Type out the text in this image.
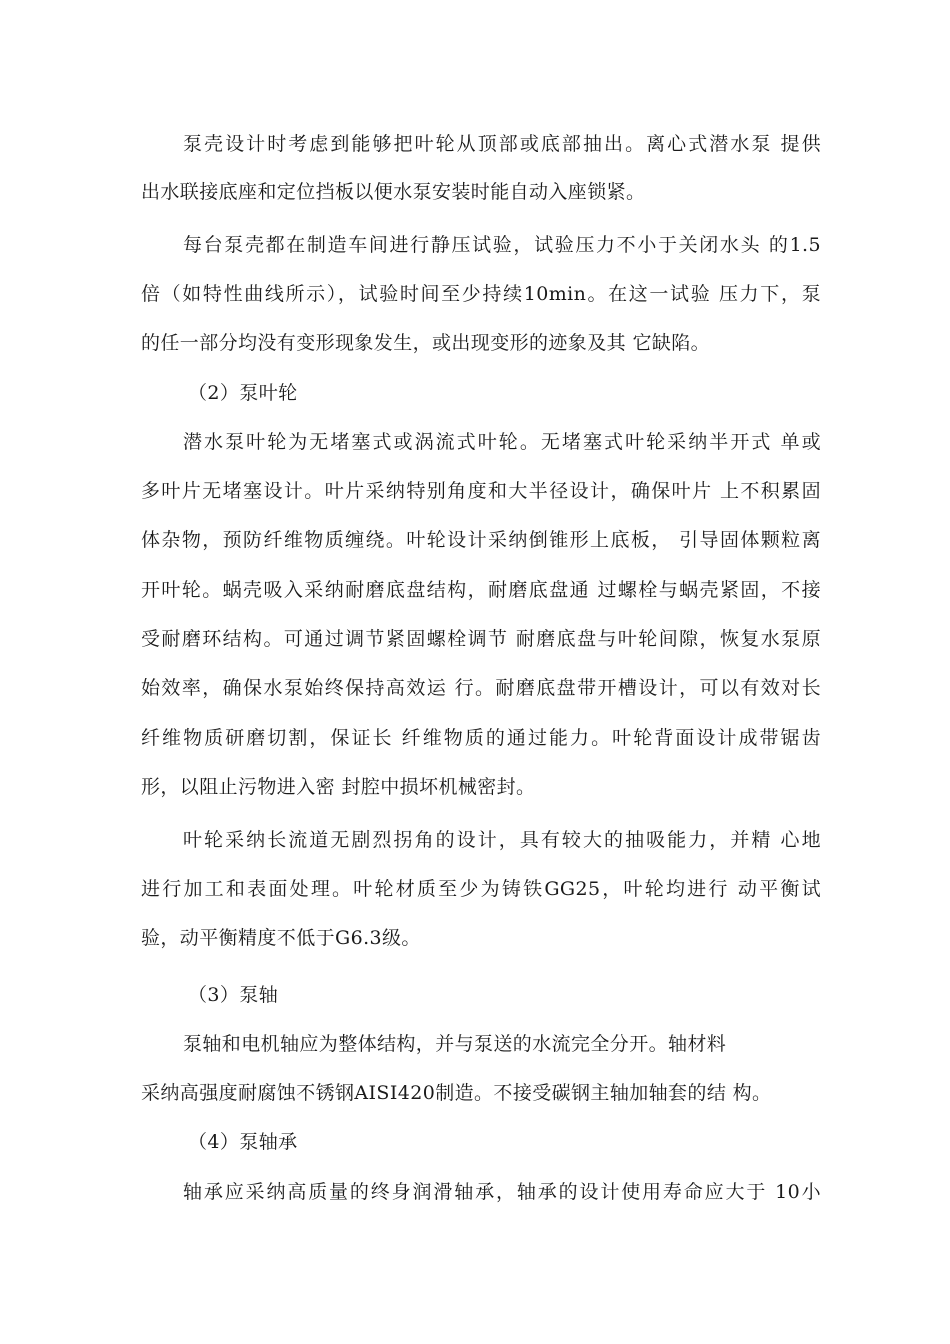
泵壳设计时考虑到能够把叶轮从顶部或底部抽出。离心式潜水泵 提供
出水联接底座和定位挡板以便水泵安装时能自动入座锁紧。
每台泵壳都在制造车间进行静压试验，试验压力不小于关闭水头 的1.5
倍（如特性曲线所示），试验时间至少持续10min。在这一试验 压力下，泵
的任一部分均没有变形现象发生，或出现变形的迹象及其 它缺陷。
（2）泵叶轮
潜水泵叶轮为无堵塞式或涡流式叶轮。无堵塞式叶轮采纳半开式 单或
多叶片无堵塞设计。叶片采纳特别角度和大半径设计，确保叶片 上不积累固
体杂物，预防纤维物质缠绕。叶轮设计采纳倒锥形上底板， 引导固体颗粒离
开叶轮。蜗壳吸入采纳耐磨底盘结构，耐磨底盘通 过螺栓与蜗壳紧固，不接
受耐磨环结构。可通过调节紧固螺栓调节 耐磨底盘与叶轮间隙，恢复水泵原
始效率，确保水泵始终保持高效运 行。耐磨底盘带开槽设计，可以有效对长
纤维物质研磨切割，保证长 纤维物质的通过能力。叶轮背面设计成带锯齿
形，以阻止污物进入密 封腔中损坏机械密封。
叶轮采纳长流道无剧烈拐角的设计，具有较大的抽吸能力，并精 心地
进行加工和表面处理。叶轮材质至少为铸铁GG25，叶轮均进行 动平衡试
验，动平衡精度不低于G6.3级。
（3）泵轴
泵轴和电机轴应为整体结构，并与泵送的水流完全分开。轴材料
采纳高强度耐腐蚀不锈钢AISI420制造。不接受碳钢主轴加轴套的结 构。
（4）泵轴承
轴承应采纳高质量的终身润滑轴承，轴承的设计使用寿命应大于 10小
